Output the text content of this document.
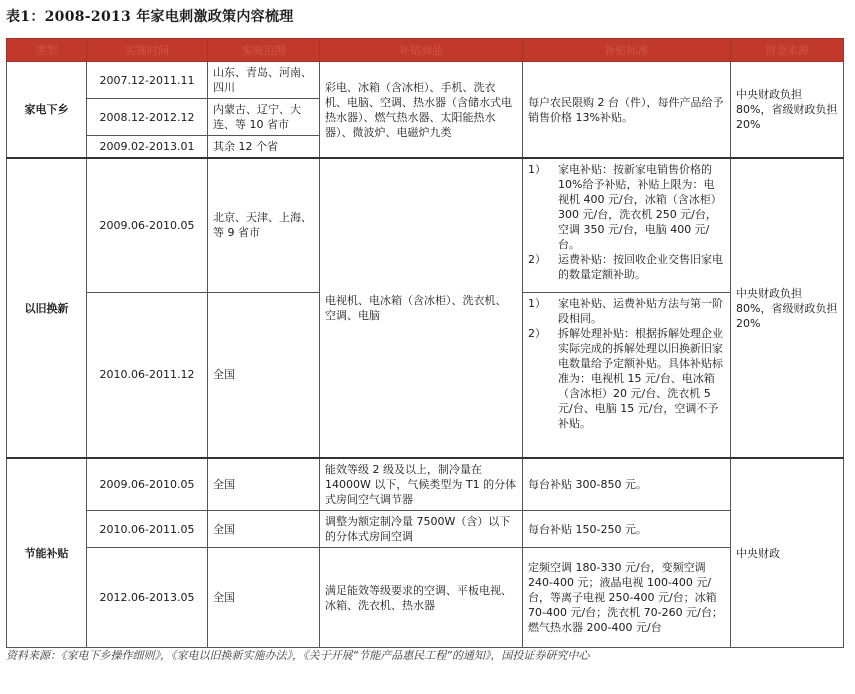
表1：2008-2013 年家电刺激政策内容梳理
类型	实施时间	实施范围	补贴商品	补贴标准	资金来源
家电下乡	2007.12-2011.11	山东、青岛、河南、四川	彩电、冰箱（含冰柜）、手机、洗衣机、电脑、空调、热水器（含储水式电热水器）、燃气热水器、太阳能热水器）、微波炉、电磁炉九类	每户农民限购 2 台（件），每件产品给予销售价格 13%补贴。	中央财政负担 80%，省级财政负担 20%
	2008.12-2012.12	内蒙古、辽宁、大连、等 10 省市			
	2009.02-2013.01	其余 12 个省			
以旧换新	2009.06-2010.05	北京、天津、上海、等 9 省市	电视机、电冰箱（含冰柜）、洗衣机、空调、电脑	1） 家电补贴：按新家电销售价格的 10%给予补贴，补贴上限为：电视机 400 元/台，冰箱（含冰柜）300 元/台，洗衣机 250 元/台，空调 350 元/台，电脑 400 元/台。
2） 运费补贴：按回收企业交售旧家电的数量定额补助。	中央财政负担 80%，省级财政负担 20%
	2010.06-2011.12	全国		1） 家电补贴、运费补贴方法与第一阶段相同。
2） 拆解处理补贴：根据拆解处理企业实际完成的拆解处理以旧换新旧家电数量给予定额补贴。具体补贴标准为：电视机 15 元/台、电冰箱（含冰柜）20 元/台、洗衣机 5 元/台、电脑 15 元/台，空调不予补贴。	

节能补贴	2009.06-2010.05	全国	能效等级 2 级及以上，制冷量在 14000W 以下，气候类型为 T1 的分体式房间空气调节器	每台补贴 300-850 元。	中央财政
	2010.06-2011.05	全国	调整为额定制冷量 7500W（含）以下的分体式房间空调	每台补贴 150-250 元。	
	2012.06-2013.05	全国	满足能效等级要求的空调、平板电视、冰箱、洗衣机、热水器	定频空调 180-330 元/台，变频空调 240-400 元；液晶电视 100-400 元/台，等离子电视 250-400 元/台；冰箱 70-400 元/台；洗衣机 70-260 元/台；燃气热水器 200-400 元/台	
资料来源：《家电下乡操作细则》，《家电以旧换新实施办法》，《关于开展“节能产品惠民工程”的通知》，国投证券研究中心
